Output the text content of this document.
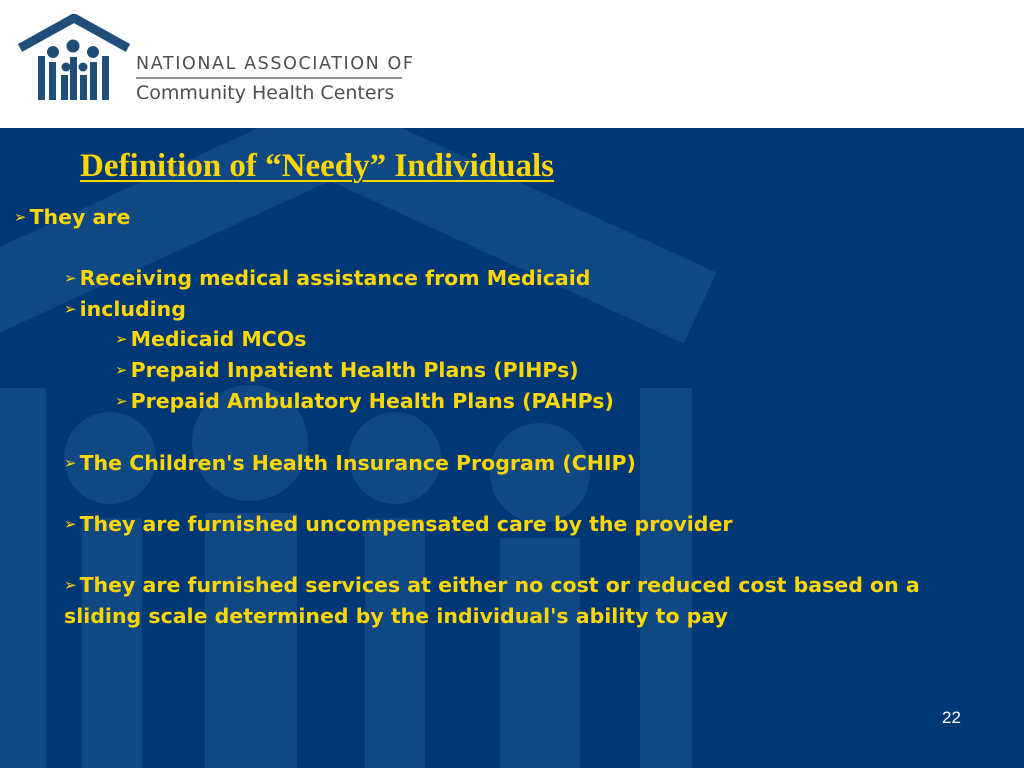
NATIONAL ASSOCIATION OF
Community Health Centers
Definition of “Needy” Individuals

➢ They are

➢ Receiving medical assistance from Medicaid

➢ including

➢ Medicaid MCOs

➢ Prepaid Inpatient Health Plans (PIHPs)

➢ Prepaid Ambulatory Health Plans (PAHPs)

➢ The Children's Health Insurance Program (CHIP)

➢ They are furnished uncompensated care by the provider

➢ They are furnished services at either no cost or reduced cost based on a sliding scale determined by the individual's ability to pay

22
